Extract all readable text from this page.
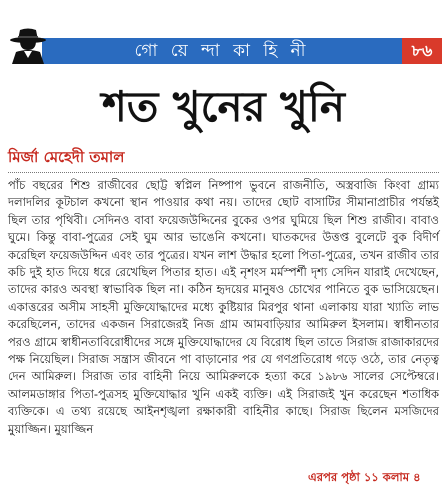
গো য়ে ন্দা কা হি নী	৮৬
শত খুনের খুনি
মির্জা মেহেদী তমাল
পাঁচ বছরের শিশু রাজীবের ছোট্ট স্বপ্নিল নিষ্পাপ ভুবনে রাজনীতি, অস্ত্রবাজি কিংবা গ্রাম্য দলাদলির কূটচাল কখনো স্থান পাওয়ার কথা নয়। তাদের ছোট বাসাটির সীমানাপ্রাচীর পর্যন্তই ছিল তার পৃথিবী। সেদিনও বাবা ফয়েজউদ্দিনের বুকের ওপর ঘুমিয়ে ছিল শিশু রাজীব। বাবাও ঘুমে। কিন্তু বাবা-পুত্রের সেই ঘুম আর ভাঙেনি কখনো। ঘাতকদের উত্তপ্ত বুলেটে বুক বিদীর্ণ করেছিল ফয়েজউদ্দিন এবং তার পুত্রের। যখন লাশ উদ্ধার হলো পিতা-পুত্রের, তখন রাজীব তার কচি দুই হাত দিয়ে ধরে রেখেছিল পিতার হাত। এই নৃশংস মর্মস্পর্শী দৃশ্য সেদিন যারাই দেখেছেন, তাদের কারও অবস্থা স্বাভাবিক ছিল না। কঠিন হৃদয়ের মানুষও চোখের পানিতে বুক ভাসিয়েছেন। একাত্তরের অসীম সাহসী মুক্তিযোদ্ধাদের মধ্যে কুষ্টিয়ার মিরপুর থানা এলাকায় যারা খ্যাতি লাভ করেছিলেন, তাদের একজন সিরাজেরই নিজ গ্রাম আমবাড়িয়ার আমিরুল ইসলাম। স্বাধীনতার পরও গ্রামে স্বাধীনতাবিরোধীদের সঙ্গে মুক্তিযোদ্ধাদের যে বিরোধ ছিল তাতে সিরাজ রাজাকারদের পক্ষ নিয়েছিল। সিরাজ সন্ত্রাস জীবনে পা বাড়ানোর পর যে গণপ্রতিরোধ গড়ে ওঠে, তার নেতৃত্ব দেন আমিরুল। সিরাজ তার বাহিনী নিয়ে আমিরুলকে হত্যা করে ১৯৮৬ সালের সেপ্টেম্বরে। আলমডাঙ্গার পিতা-পুত্রসহ মুক্তিযোদ্ধার খুনি একই ব্যক্তি। এই সিরাজই খুন করেছেন শতাধিক ব্যক্তিকে। এ তথ্য রয়েছে আইনশৃঙ্খলা রক্ষাকারী বাহিনীর কাছে। সিরাজ ছিলেন মসজিদের মুয়াজ্জিন। মুয়াজ্জিন
এরপর পৃষ্ঠা ১১ কলাম ৪
